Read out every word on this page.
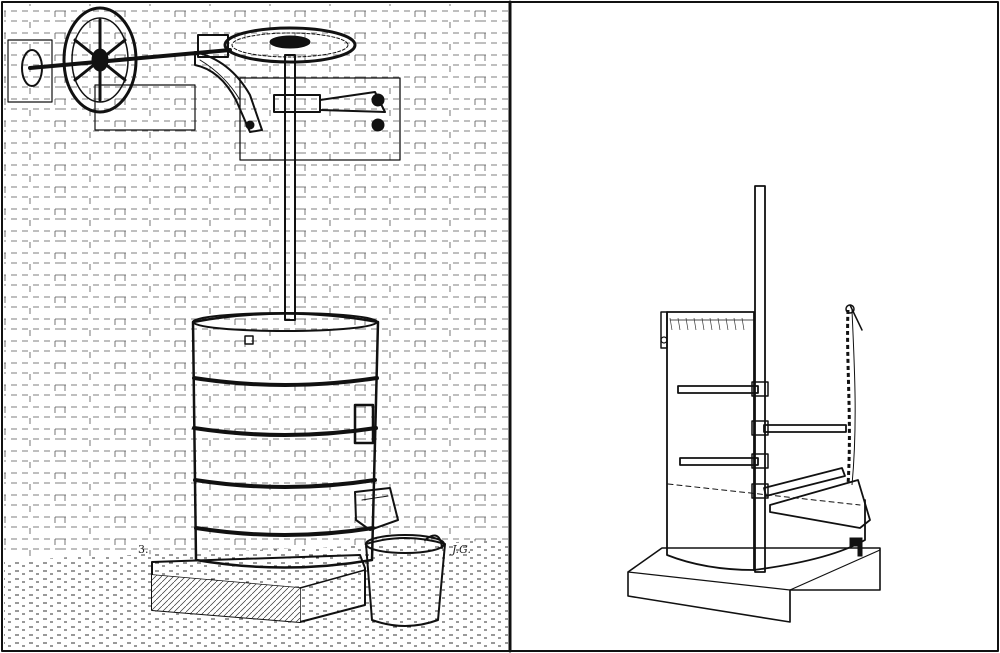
3.	J.G.
